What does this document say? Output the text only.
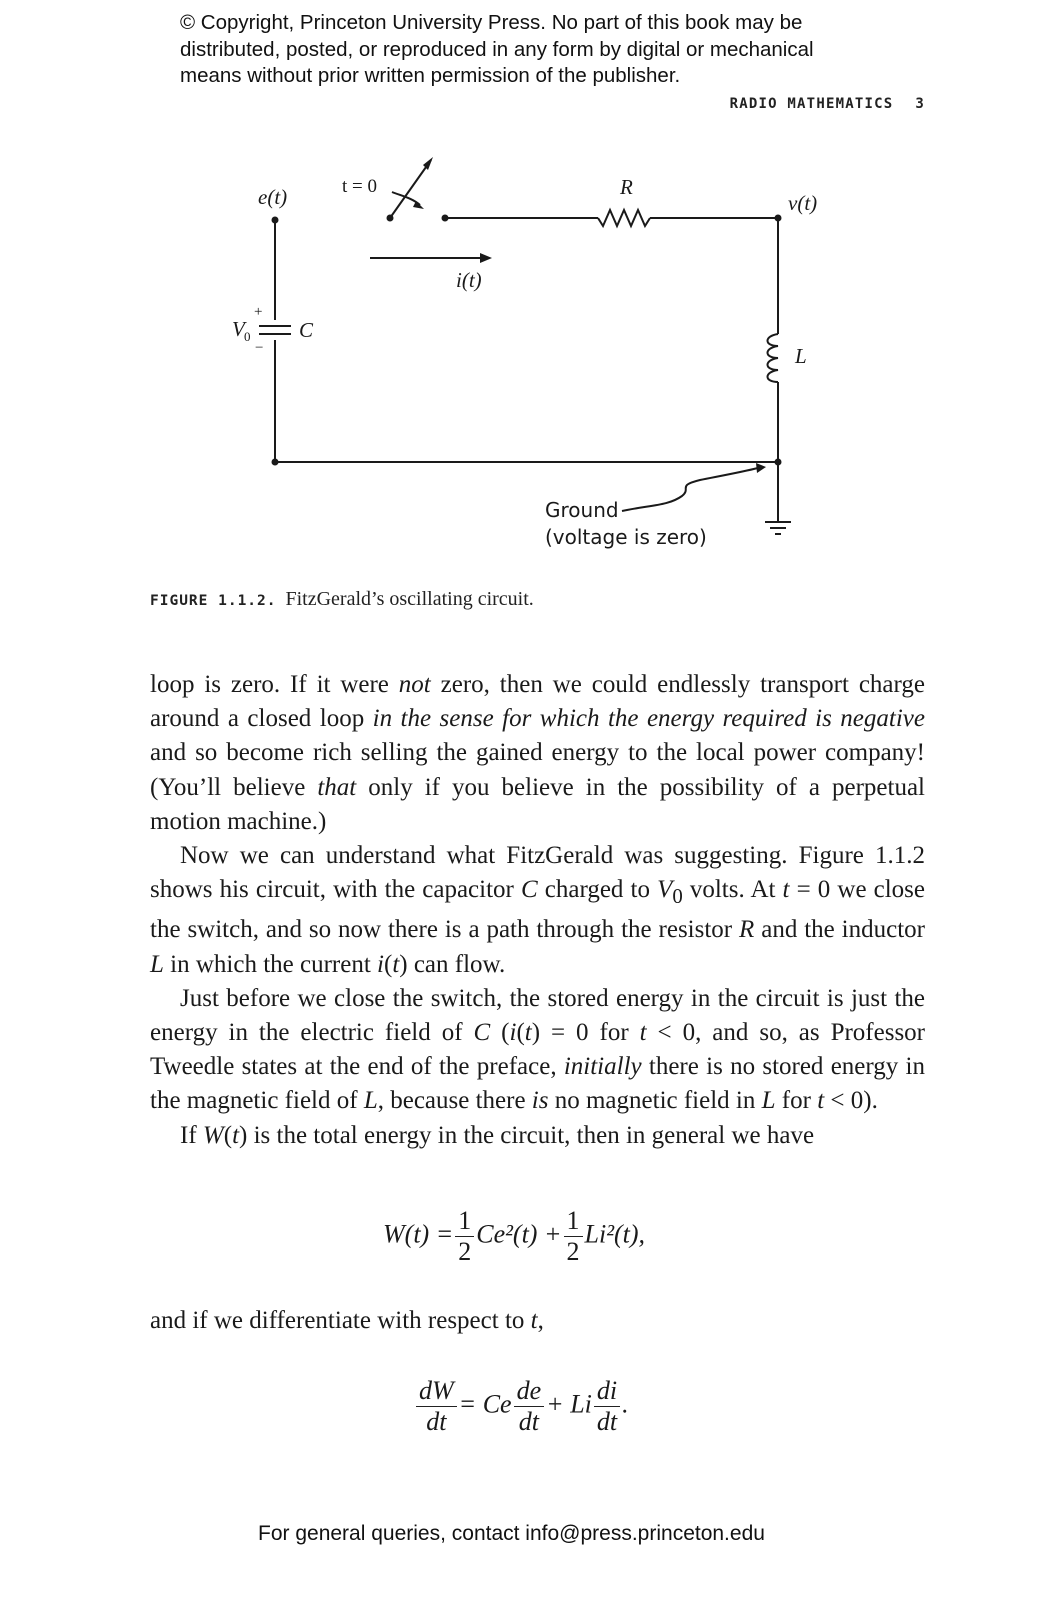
© Copyright, Princeton University Press. No part of this book may be
distributed, posted, or reproduced in any form by digital or mechanical
means without prior written permission of the publisher.
RADIO MATHEMATICS 3
e(t)	t = 0	R
v(t)
i(t)
+
−
V 0 C
L
Ground
(voltage is zero)
FIGURE 1.1.2. FitzGerald’s oscillating circuit.

loop is zero. If it were not zero, then we could endlessly transport charge around a closed loop in the sense for which the energy required is negative and so become rich selling the gained energy to the local power company! (You’ll believe that only if you believe in the possibility of a perpetual motion machine.)

Now we can understand what FitzGerald was suggesting. Figure 1.1.2 shows his circuit, with the capacitor C charged to $V_0$ volts. At t = 0 we close the switch, and so now there is a path through the resistor R and the inductor L in which the current i(t) can flow.

Just before we close the switch, the stored energy in the circuit is just the energy in the electric field of C (i(t) = 0 for t < 0, and so, as Professor Tweedle states at the end of the preface, initially there is no stored energy in the magnetic field of L, because there is no magnetic field in L for t < 0).

If W(t) is the total energy in the circuit, then in general we have

$W(t) = \frac{1}{2} Ce^2(t) + \frac{1}{2} Li^2(t)$,

and if we differentiate with respect to t,

$\frac{dW}{dt} = Ce \frac{de}{dt} + Li \frac{di}{dt}$ .
For general queries, contact info@press.princeton.edu
